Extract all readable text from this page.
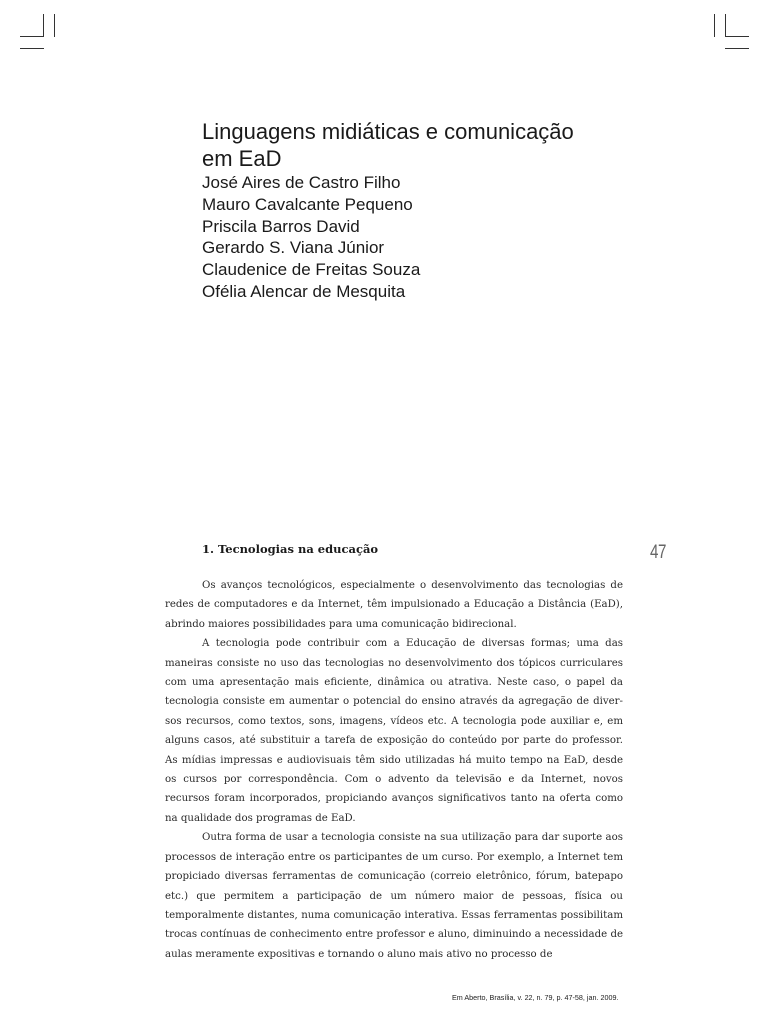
Linguagens midiáticas e comunicação
em EaD
José Aires de Castro Filho
Mauro Cavalcante Pequeno
Priscila Barros David
Gerardo S. Viana Júnior
Claudenice de Freitas Souza
Ofélia Alencar de Mesquita
1. Tecnologias na educação	47

Os avanços tecnológicos, especialmente o desenvolvimento das tecnologias de redes de computadores e da Internet, têm impulsionado a Educação a Distância (EaD), abrindo maiores possibilidades para uma comunicação bidirecional.

A tecnologia pode contribuir com a Educação de diversas formas; uma das maneiras consiste no uso das tecnologias no desenvolvimento dos tópicos curriculares com uma apresentação mais eficiente, dinâmica ou atrativa. Neste caso, o papel da tecnologia consiste em aumentar o potencial do ensino através da agregação de diversos recursos, como textos, sons, imagens, vídeos etc. A tecnologia pode auxiliar e, em alguns casos, até substituir a tarefa de exposição do conteúdo por parte do professor. As mídias impressas e audiovisuais têm sido utilizadas há muito tempo na EaD, desde os cursos por correspondência. Com o advento da televisão e da Internet, novos recursos foram incorporados, propiciando avanços significativos tanto na oferta como na qualidade dos programas de EaD.

Outra forma de usar a tecnologia consiste na sua utilização para dar suporte aos processos de interação entre os participantes de um curso. Por exemplo, a Internet tem propiciado diversas ferramentas de comunicação (correio eletrônico, fórum, batepapo etc.) que permitem a participação de um número maior de pessoas, física ou temporalmente distantes, numa comunicação interativa. Essas ferramentas possibilitam trocas contínuas de conhecimento entre professor e aluno, diminuindo a necessidade de aulas meramente expositivas e tornando o aluno mais ativo no processo de

Em Aberto, Brasília, v. 22, n. 79, p. 47-58, jan. 2009.
